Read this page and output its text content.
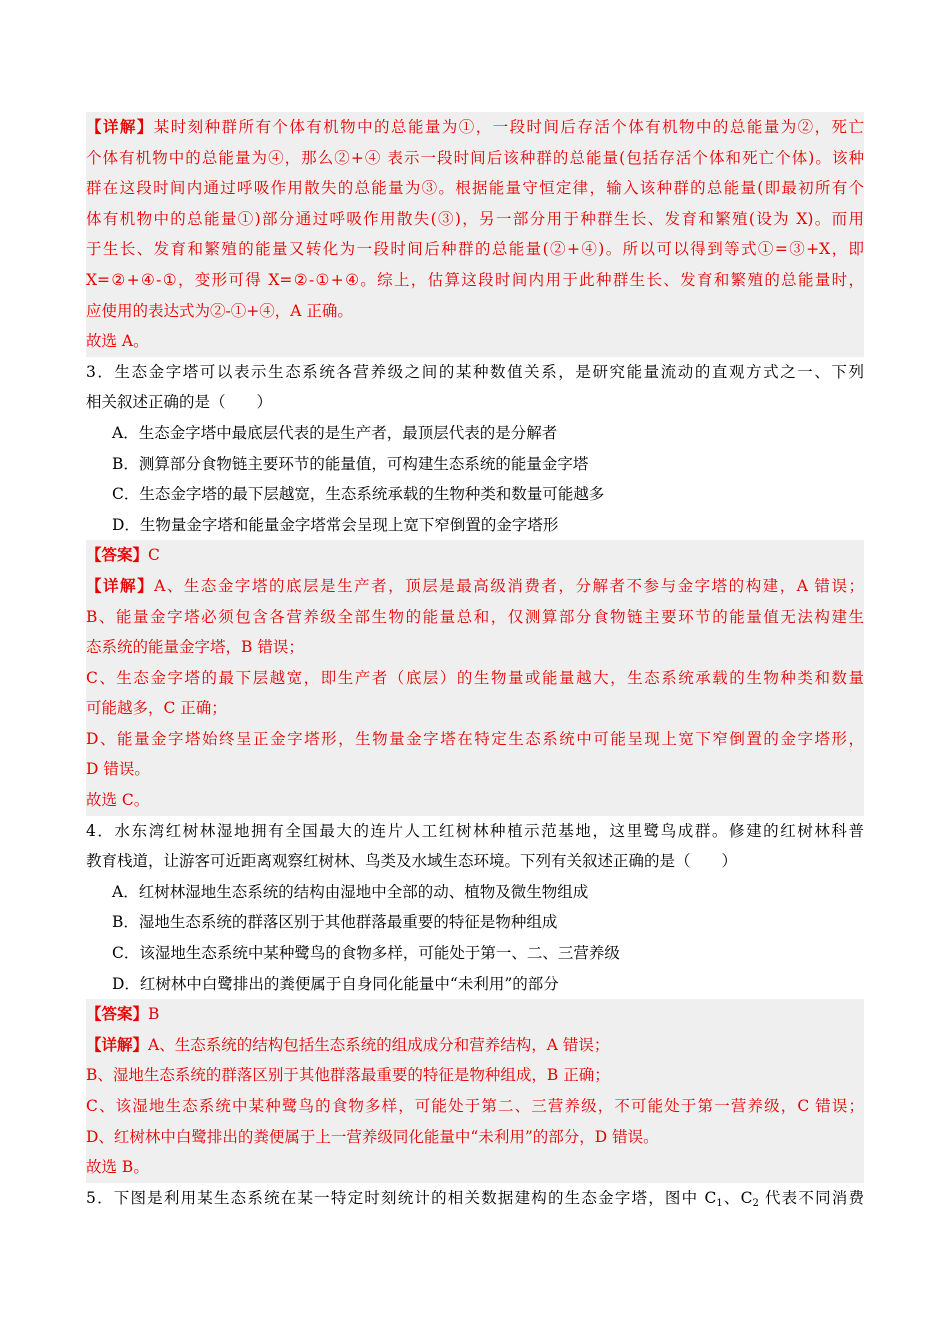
【详解】某时刻种群所有个体有机物中的总能量为①，一段时间后存活个体有机物中的总能量为②，死亡
个体有机物中的总能量为④，那么②+④ 表示一段时间后该种群的总能量(包括存活个体和死亡个体)。该种
群在这段时间内通过呼吸作用散失的总能量为③。根据能量守恒定律，输入该种群的总能量(即最初所有个
体有机物中的总能量①)部分通过呼吸作用散失(③)，另一部分用于种群生长、发育和繁殖(设为 X)。而用
于生长、发育和繁殖的能量又转化为一段时间后种群的总能量(②+④)。所以可以得到等式①=③+X，即
X=②+④-①，变形可得 X=②-①+④。综上，估算这段时间内用于此种群生长、发育和繁殖的总能量时，
应使用的表达式为②-①+④，A 正确。
故选 A。
3．生态金字塔可以表示生态系统各营养级之间的某种数值关系，是研究能量流动的直观方式之一、下列
相关叙述正确的是（　　）
A．生态金字塔中最底层代表的是生产者，最顶层代表的是分解者
B．测算部分食物链主要环节的能量值，可构建生态系统的能量金字塔
C．生态金字塔的最下层越宽，生态系统承载的生物种类和数量可能越多
D．生物量金字塔和能量金字塔常会呈现上宽下窄倒置的金字塔形
【答案】C
【详解】A、生态金字塔的底层是生产者，顶层是最高级消费者，分解者不参与金字塔的构建，A 错误；
B、能量金字塔必须包含各营养级全部生物的能量总和，仅测算部分食物链主要环节的能量值无法构建生
态系统的能量金字塔，B 错误；
C、生态金字塔的最下层越宽，即生产者（底层）的生物量或能量越大，生态系统承载的生物种类和数量
可能越多，C 正确；
D、能量金字塔始终呈正金字塔形，生物量金字塔在特定生态系统中可能呈现上宽下窄倒置的金字塔形，
D 错误。
故选 C。
4．水东湾红树林湿地拥有全国最大的连片人工红树林种植示范基地，这里鹭鸟成群。修建的红树林科普
教育栈道，让游客可近距离观察红树林、鸟类及水域生态环境。下列有关叙述正确的是（　　）
A．红树林湿地生态系统的结构由湿地中全部的动、植物及微生物组成
B．湿地生态系统的群落区别于其他群落最重要的特征是物种组成
C．该湿地生态系统中某种鹭鸟的食物多样，可能处于第一、二、三营养级
D．红树林中白鹭排出的粪便属于自身同化能量中“未利用”的部分
【答案】B
【详解】A、生态系统的结构包括生态系统的组成成分和营养结构，A 错误；
B、湿地生态系统的群落区别于其他群落最重要的特征是物种组成，B 正确；
C、该湿地生态系统中某种鹭鸟的食物多样，可能处于第二、三营养级，不可能处于第一营养级，C 错误；
D、红树林中白鹭排出的粪便属于上一营养级同化能量中“未利用”的部分，D 错误。
故选 B。
5．下图是利用某生态系统在某一特定时刻统计的相关数据建构的生态金字塔，图中 $C_1$、$C_2$ 代表不同消费
